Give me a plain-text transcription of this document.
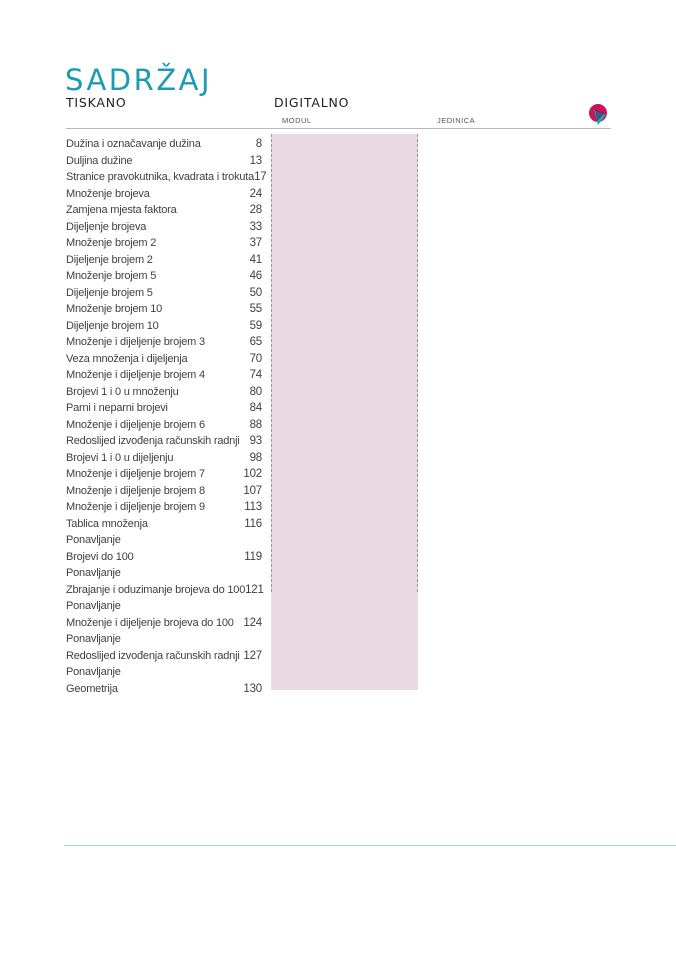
SADRŽAJ
TISKANO	DIGITALNO
MODUL	JEDINICA
Dužina i označavanje dužina	8
Duljina dužine	13
Stranice pravokutnika, kvadrata i trokuta 17
Množenje brojeva	24
Zamjena mjesta faktora	28
Dijeljenje brojeva	33
Množenje brojem 2	37
Dijeljenje brojem 2	41
Množenje brojem 5	46
Dijeljenje brojem 5	50
Množenje brojem 10	55
Dijeljenje brojem 10	59
Množenje i dijeljenje brojem 3	65
Veza množenja i dijeljenja	70
Množenje i dijeljenje brojem 4	74
Brojevi 1 i 0 u množenju	80
Parni i neparni brojevi	84
Množenje i dijeljenje brojem 6	88
Redoslijed izvođenja računskih radnji 93
Brojevi 1 i 0 u dijeljenju	98
Množenje i dijeljenje brojem 7	102
Množenje i dijeljenje brojem 8	107
Množenje i dijeljenje brojem 9	113
Tablica množenja	116
Ponavljanje
Brojevi do 100	119
Ponavljanje
Zbrajanje i oduzimanje brojeva do 100 121
Ponavljanje
Množenje i dijeljenje brojeva do 100 124
Ponavljanje
Redoslijed izvođenja računskih radnji 127
Ponavljanje
Geometrija	130
